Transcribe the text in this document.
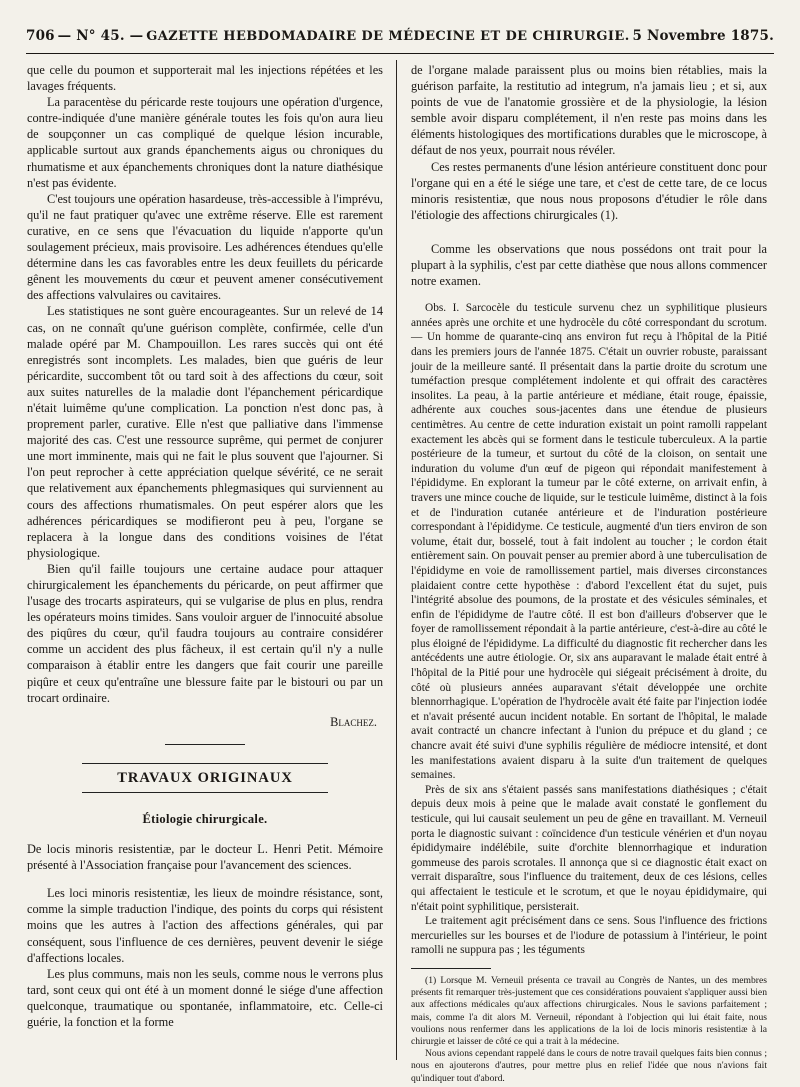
706 — N° 45. — GAZETTE HEBDOMADAIRE DE MÉDECINE ET DE CHIRURGIE. 5 Novembre 1875.

que celle du poumon et supporterait mal les injections répétées et les lavages fréquents.

La paracentèse du péricarde reste toujours une opération d'urgence, contre-indiquée d'une manière générale toutes les fois qu'on aura lieu de soupçonner un cas compliqué de quelque lésion incurable, applicable surtout aux grands épanchements aigus ou chroniques du rhumatisme et aux épanchements chroniques dont la nature diathésique n'est pas évidente.

C'est toujours une opération hasardeuse, très-accessible à l'imprévu, qu'il ne faut pratiquer qu'avec une extrême réserve. Elle est rarement curative, en ce sens que l'évacuation du liquide n'apporte qu'un soulagement précieux, mais provisoire. Les adhérences étendues qu'elle détermine dans les cas favorables entre les deux feuillets du péricarde gênent les mouvements du cœur et peuvent amener consécutivement des affections valvulaires ou cavitaires.

Les statistiques ne sont guère encourageantes. Sur un relevé de 14 cas, on ne connaît qu'une guérison complète, confirmée, celle d'un malade opéré par M. Champouillon. Les rares succès qui ont été enregistrés sont incomplets. Les malades, bien que guéris de leur péricardite, succombent tôt ou tard soit à des affections du cœur, soit aux suites naturelles de la maladie dont l'épanchement péricardique n'était luimême qu'une complication. La ponction n'est donc pas, à proprement parler, curative. Elle n'est que palliative dans l'immense majorité des cas. C'est une ressource suprême, qui permet de conjurer une mort imminente, mais qui ne fait le plus souvent que l'ajourner. Si l'on peut reprocher à cette appréciation quelque sévérité, ce ne serait que relativement aux épanchements phlegmasiques qui surviennent au cours des affections rhumatismales. On peut espérer alors que les adhérences péricardiques se modifieront peu à peu, l'organe se replacera à la longue dans des conditions voisines de l'état physiologique.

Bien qu'il faille toujours une certaine audace pour attaquer chirurgicalement les épanchements du péricarde, on peut affirmer que l'usage des trocarts aspirateurs, qui se vulgarise de plus en plus, rendra les opérateurs moins timides. Sans vouloir arguer de l'innocuité absolue des piqûres du cœur, qu'il faudra toujours au contraire considérer comme un accident des plus fâcheux, il est certain qu'il n'y a nulle comparaison à établir entre les dangers que fait courir une pareille piqûre et ceux qu'entraîne une blessure faite par le bistouri ou par un trocart ordinaire.

Blachez.

TRAVAUX ORIGINAUX
Étiologie chirurgicale.

De locis minoris resistentiæ, par le docteur L. Henri Petit. Mémoire présenté à l'Association française pour l'avancement des sciences.

Les loci minoris resistentiæ, les lieux de moindre résistance, sont, comme la simple traduction l'indique, des points du corps qui résistent moins que les autres à l'action des affections générales, qui par conséquent, sous l'influence de ces dernières, peuvent devenir le siége d'affections locales.

Les plus communs, mais non les seuls, comme nous le verrons plus tard, sont ceux qui ont été à un moment donné le siége d'une affection quelconque, traumatique ou spontanée, inflammatoire, etc. Celle-ci guérie, la fonction et la forme

de l'organe malade paraissent plus ou moins bien rétablies, mais la guérison parfaite, la restitutio ad integrum, n'a jamais lieu ; et si, aux points de vue de l'anatomie grossière et de la physiologie, la lésion semble avoir disparu complétement, il n'en reste pas moins dans les éléments histologiques des mortifications durables que le microscope, à défaut de nos yeux, pourrait nous révéler.

Ces restes permanents d'une lésion antérieure constituent donc pour l'organe qui en a été le siége une tare, et c'est de cette tare, de ce locus minoris resistentiæ, que nous nous proposons d'étudier le rôle dans l'étiologie des affections chirurgicales (1).

Comme les observations que nous possédons ont trait pour la plupart à la syphilis, c'est par cette diathèse que nous allons commencer notre examen.

Obs. I. Sarcocèle du testicule survenu chez un syphilitique plusieurs années après une orchite et une hydrocèle du côté correspondant du scrotum. — Un homme de quarante-cinq ans environ fut reçu à l'hôpital de la Pitié dans les premiers jours de l'année 1875. C'était un ouvrier robuste, paraissant jouir de la meilleure santé. Il présentait dans la partie droite du scrotum une tuméfaction presque complétement indolente et qui offrait des caractères insolites. La peau, à la partie antérieure et médiane, était rouge, épaissie, adhérente aux couches sous-jacentes dans une étendue de plusieurs centimètres. Au centre de cette induration existait un point ramolli rappelant exactement les abcès qui se forment dans le testicule tuberculeux. A la partie postérieure de la tumeur, et surtout du côté de la cloison, on sentait une induration du volume d'un œuf de pigeon qui répondait manifestement à l'épididyme. En explorant la tumeur par le côté externe, on arrivait enfin, à travers une mince couche de liquide, sur le testicule luimême, distinct à la fois et de l'induration cutanée antérieure et de l'induration postérieure correspondant à l'épididyme. Ce testicule, augmenté d'un tiers environ de son volume, était dur, bosselé, tout à fait indolent au toucher ; le cordon était entièrement sain. On pouvait penser au premier abord à une tuberculisation de l'épididyme en voie de ramollissement partiel, mais diverses circonstances plaidaient contre cette hypothèse : d'abord l'excellent état du sujet, puis l'intégrité absolue des poumons, de la prostate et des vésicules séminales, et enfin de l'épididyme de l'autre côté. Il est bon d'ailleurs d'observer que le foyer de ramollissement répondait à la partie antérieure, c'est-à-dire au côté le plus éloigné de l'épididyme. La difficulté du diagnostic fit rechercher dans les antécédents une autre étiologie. Or, six ans auparavant le malade était entré à l'hôpital de la Pitié pour une hydrocèle qui siégeait précisément à droite, du côté où plusieurs années auparavant s'était développée une orchite blennorrhagique. L'opération de l'hydrocèle avait été faite par l'injection iodée et n'avait présenté aucun incident notable. En sortant de l'hôpital, le malade avait contracté un chancre infectant à l'union du prépuce et du gland ; ce chancre avait été suivi d'une syphilis régulière de médiocre intensité, et dont les manifestations avaient disparu à la suite d'un traitement de quelques semaines.

Près de six ans s'étaient passés sans manifestations diathésiques ; c'était depuis deux mois à peine que le malade avait constaté le gonflement du testicule, qui lui causait seulement un peu de gêne en travaillant. M. Verneuil porta le diagnostic suivant : coïncidence d'un testicule vénérien et d'un noyau épididymaire indélébile, suite d'orchite blennorrhagique et induration gommeuse des parois scrotales. Il annonça que si ce diagnostic était exact on verrait disparaître, sous l'influence du traitement, deux de ces lésions, celles qui affectaient le testicule et le scrotum, et que le noyau épididymaire, qui n'était point syphilitique, persisterait.

Le traitement agit précisément dans ce sens. Sous l'influence des frictions mercurielles sur les bourses et de l'iodure de potassium à l'intérieur, le point ramolli ne suppura pas ; les téguments

(1) Lorsque M. Verneuil présenta ce travail au Congrès de Nantes, un des membres présents fit remarquer très-justement que ces considérations pouvaient s'appliquer aussi bien aux affections médicales qu'aux affections chirurgicales. Nous le savions parfaitement ; mais, comme l'a dit alors M. Verneuil, répondant à l'objection qui lui était faite, nous voulions nous renfermer dans les applications de la loi de locis minoris resistentiæ à la chirurgie et laisser de côté ce qui a trait à la médecine.

Nous avions cependant rappelé dans le cours de notre travail quelques faits bien connus ; nous en ajouterons d'autres, pour mettre plus en relief l'idée que nous n'avions fait qu'indiquer tout d'abord.
